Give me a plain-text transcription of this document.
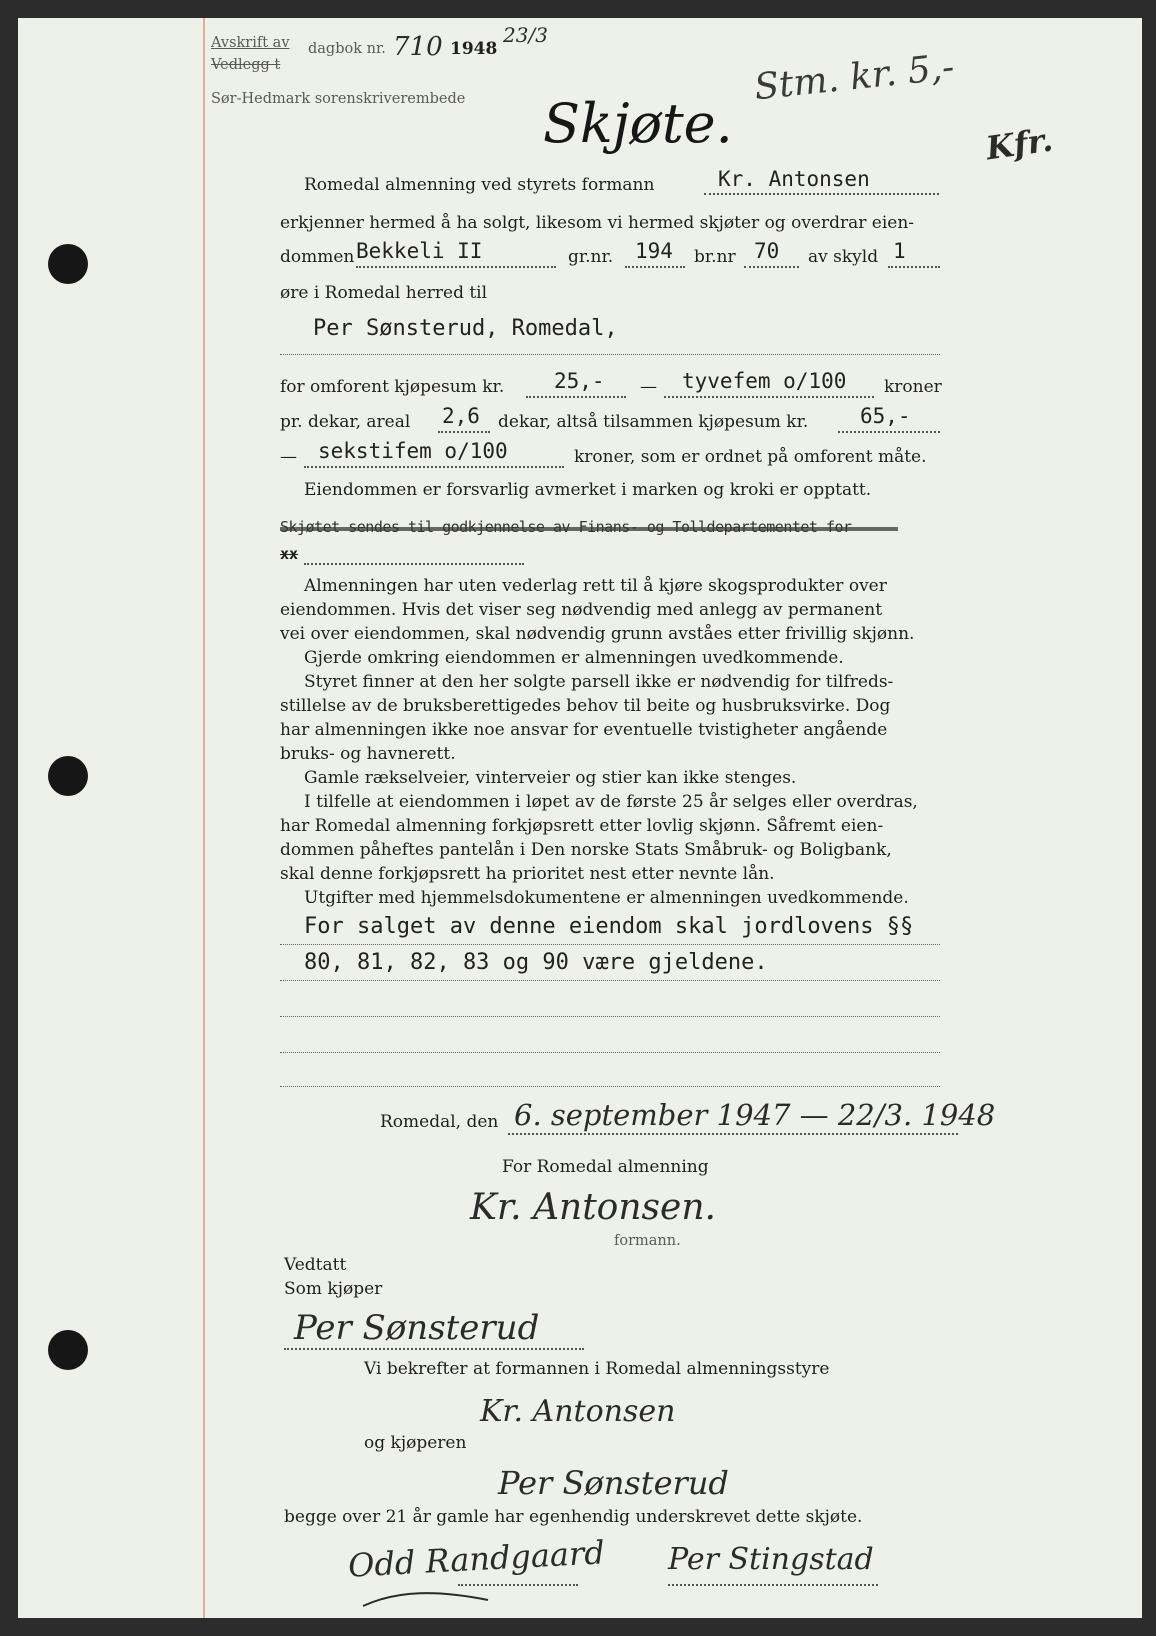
Avskrift av
Vedlegg t
dagbok nr. 710 1948
23/3
Sør-Hedmark sorenskriverembede Skjøte.
Stm. kr. 5,-
Kfr.
Romedal almenning ved styrets formann	Kr. Antonsen
erkjenner hermed å ha solgt, likesom vi hermed skjøter og overdrar eien-
dommen Bekkeli II	gr.nr. 194 br.nr 70 av skyld 1
øre i Romedal herred til
Per Sønsterud, Romedal,
for omforent kjøpesum kr. 25,- — tyvefem o/100 kroner
pr. dekar, areal 2,6 dekar, altså tilsammen kjøpesum kr. 65,-
— sekstifem o/100	kroner, som er ordnet på omforent måte.
Eiendommen er forsvarlig avmerket i marken og kroki er opptatt.
xx
Almenningen har uten vederlag rett til å kjøre skogsprodukter over
eiendommen. Hvis det viser seg nødvendig med anlegg av permanent
vei over eiendommen, skal nødvendig grunn avståes etter frivillig skjønn.
Gjerde omkring eiendommen er almenningen uvedkommende.
Styret finner at den her solgte parsell ikke er nødvendig for tilfreds-
stillelse av de bruksberettigedes behov til beite og husbruksvirke. Dog
har almenningen ikke noe ansvar for eventuelle tvistigheter angående
bruks- og havnerett.
Gamle rækselveier, vinterveier og stier kan ikke stenges.
I tilfelle at eiendommen i løpet av de første 25 år selges eller overdras,
har Romedal almenning forkjøpsrett etter lovlig skjønn. Såfremt eien-
dommen påheftes pantelån i Den norske Stats Småbruk- og Boligbank,
skal denne forkjøpsrett ha prioritet nest etter nevnte lån.
Utgifter med hjemmelsdokumentene er almenningen uvedkommende.
For salget av denne eiendom skal jordlovens §§
80, 81, 82, 83 og 90 være gjeldene.
Romedal, den 6. september 1947 — 22/3. 1948
For Romedal almenning
Kr. Antonsen.
formann.
Vedtatt
Som kjøper
Per Sønsterud
Vi bekrefter at formannen i Romedal almenningsstyre
Kr. Antonsen
og kjøperen
Per Sønsterud
begge over 21 år gamle har egenhendig underskrevet dette skjøte.
Odd Randgaard Per Stingstad
